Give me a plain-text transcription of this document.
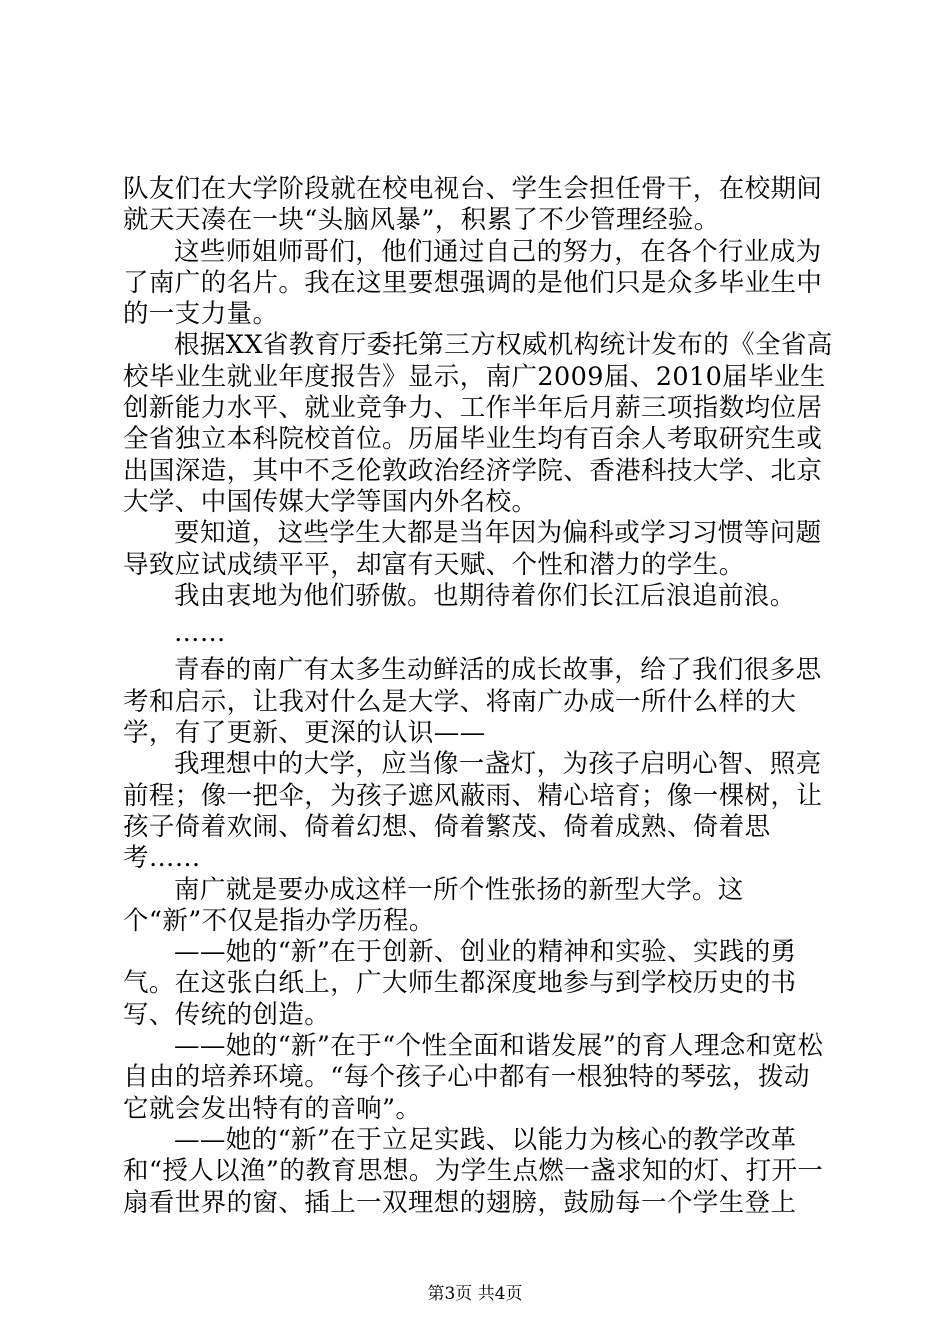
队友们在大学阶段就在校电视台、学生会担任骨干，在校期间就天天凑在一块“头脑风暴”，积累了不少管理经验。

这些师姐师哥们，他们通过自己的努力，在各个行业成为了南广的名片。我在这里要想强调的是他们只是众多毕业生中的一支力量。

根据XX省教育厅委托第三方权威机构统计发布的《全省高校毕业生就业年度报告》显示，南广2009届、2010届毕业生创新能力水平、就业竞争力、工作半年后月薪三项指数均位居全省独立本科院校首位。历届毕业生均有百余人考取研究生或出国深造，其中不乏伦敦政治经济学院、香港科技大学、北京大学、中国传媒大学等国内外名校。

要知道，这些学生大都是当年因为偏科或学习习惯等问题导致应试成绩平平，却富有天赋、个性和潜力的学生。

我由衷地为他们骄傲。也期待着你们长江后浪追前浪。

……

青春的南广有太多生动鲜活的成长故事，给了我们很多思考和启示，让我对什么是大学、将南广办成一所什么样的大学，有了更新、更深的认识——

我理想中的大学，应当像一盏灯，为孩子启明心智、照亮前程；像一把伞，为孩子遮风蔽雨、精心培育；像一棵树，让孩子倚着欢闹、倚着幻想、倚着繁茂、倚着成熟、倚着思考……

南广就是要办成这样一所个性张扬的新型大学。这个“新”不仅是指办学历程。

——她的“新”在于创新、创业的精神和实验、实践的勇气。在这张白纸上，广大师生都深度地参与到学校历史的书写、传统的创造。

——她的“新”在于“个性全面和谐发展”的育人理念和宽松自由的培养环境。“每个孩子心中都有一根独特的琴弦，拨动它就会发出特有的音响”。

——她的“新”在于立足实践、以能力为核心的教学改革和“授人以渔”的教育思想。为学生点燃一盏求知的灯、打开一扇看世界的窗、插上一双理想的翅膀，鼓励每一个学生登上

第3页 共4页
